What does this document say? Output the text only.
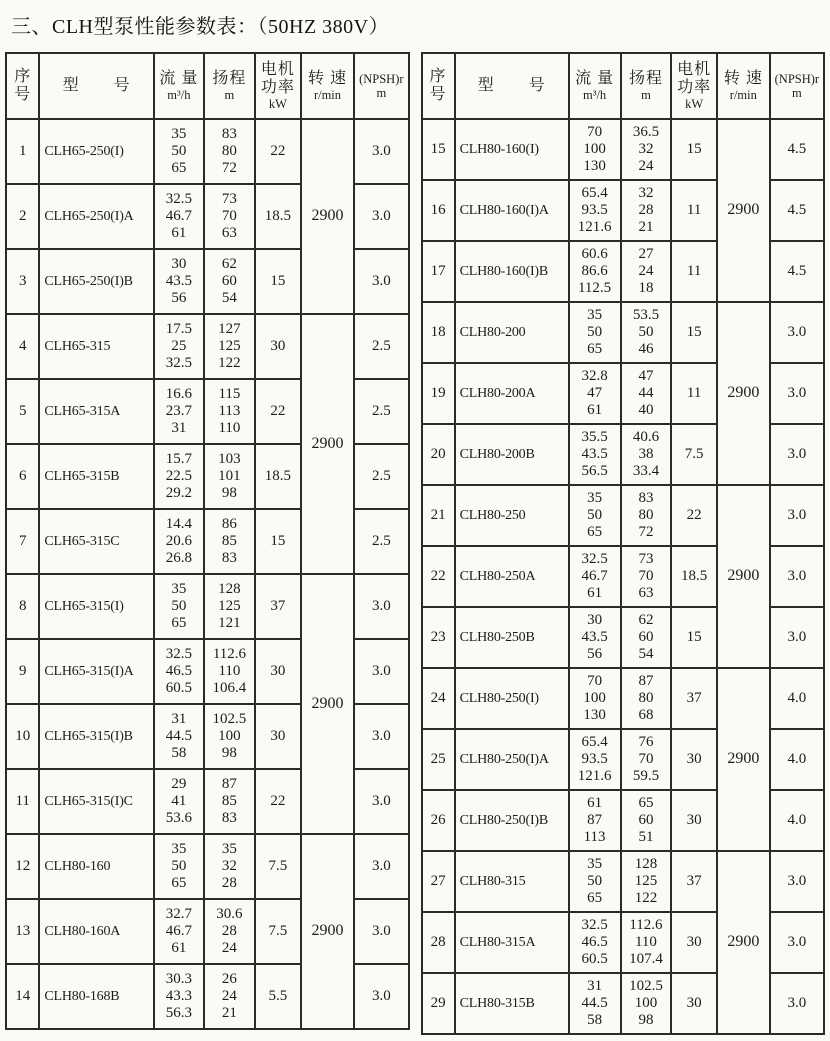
三、CLH型泵性能参数表：（50HZ 380V）
序
号

型　　号	流 量
m³/h

扬程
m

电机
功率
kW

转 速
r/min

(NPSH)r
m

1	CLH65-250(I)	
35
50
65

83
80
72
	22	2900	3.0
2	CLH65-250(I)A	
32.5
46.7
61

73
70
63
	18.5	3.0
3	CLH65-250(I)B	
30
43.5
56

62
60
54
	15	3.0
4	CLH65-315	
17.5
25
32.5

127
125
122
	30	2900	2.5
5	CLH65-315A	
16.6
23.7
31

115
113
110
	22	2.5
6	CLH65-315B	
15.7
22.5
29.2

103
101
98
	18.5	2.5
7	CLH65-315C	
14.4
20.6
26.8

86
85
83
	15	2.5
8	CLH65-315(I)	
35
50
65

128
125
121
	37	2900	3.0
9	CLH65-315(I)A	
32.5
46.5
60.5

112.6
110
106.4
	30	3.0
10	CLH65-315(I)B	
31
44.5
58

102.5
100
98
	30	3.0
11	CLH65-315(I)C	
29
41
53.6

87
85
83
	22	3.0
12	CLH80-160	
35
50
65

35
32
28
	7.5	2900	3.0
13	CLH80-160A	
32.7
46.7
61

30.6
28
24
	7.5	3.0
14	CLH80-168B	
30.3
43.3
56.3

26
24
21
	5.5	3.0
序
号

型　　号	流 量
m³/h

扬程
m

电机
功率
kW

转 速
r/min

(NPSH)r
m

15	CLH80-160(I)	
70
100
130

36.5
32
24
	15	2900	4.5
16	CLH80-160(I)A	
65.4
93.5
121.6

32
28
21
	11	4.5
17	CLH80-160(I)B	
60.6
86.6
112.5

27
24
18
	11	4.5
18	CLH80-200	
35
50
65

53.5
50
46
	15	2900	3.0
19	CLH80-200A	
32.8
47
61

47
44
40
	11	3.0
20	CLH80-200B	
35.5
43.5
56.5

40.6
38
33.4
	7.5	3.0
21	CLH80-250	
35
50
65

83
80
72
	22	2900	3.0
22	CLH80-250A	
32.5
46.7
61

73
70
63
	18.5	3.0
23	CLH80-250B	
30
43.5
56

62
60
54
	15	3.0
24	CLH80-250(I)	
70
100
130

87
80
68
	37	2900	4.0
25	CLH80-250(I)A	
65.4
93.5
121.6

76
70
59.5
	30	4.0
26	CLH80-250(I)B	
61
87
113

65
60
51
	30	4.0
27	CLH80-315	
35
50
65

128
125
122
	37	2900	3.0
28	CLH80-315A	
32.5
46.5
60.5

112.6
110
107.4
	30	3.0
29	CLH80-315B	
31
44.5
58

102.5
100
98
	30	3.0
